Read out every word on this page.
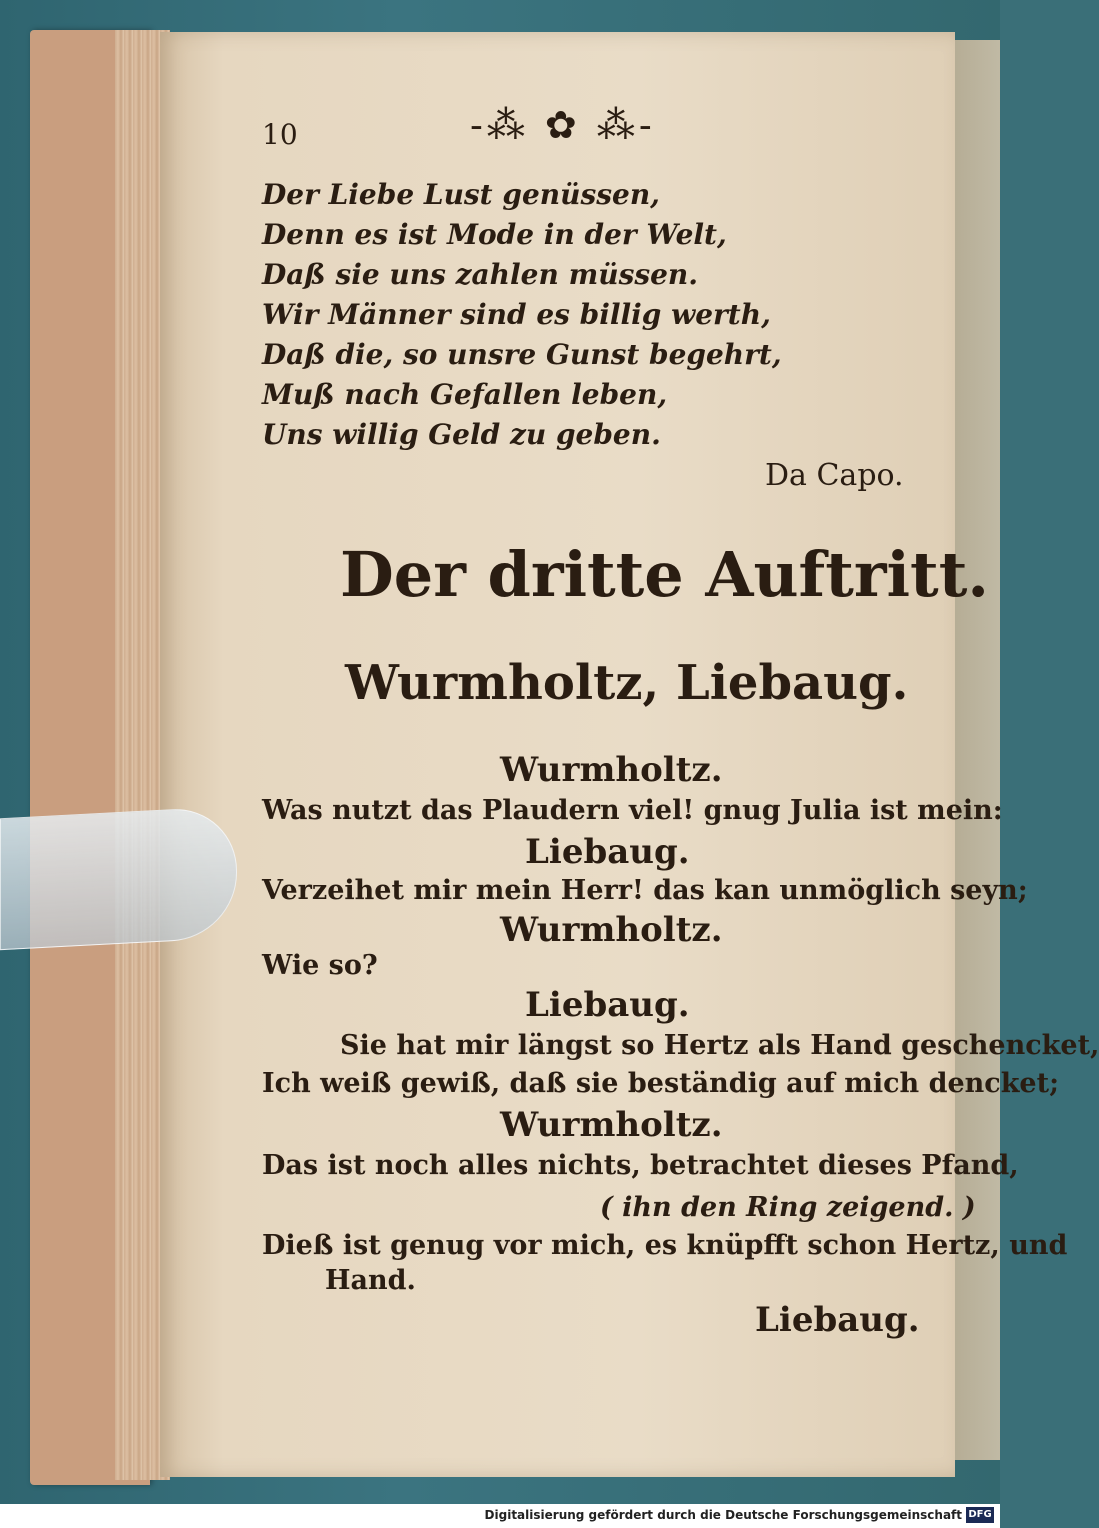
10	-⁂ ✿ ⁂-
Der Liebe Lust genüssen,
Denn es ist Mode in der Welt,
Daß sie uns zahlen müssen.
Wir Männer sind es billig werth,
Daß die, so unsre Gunst begehrt,
Muß nach Gefallen leben,
Uns willig Geld zu geben.
Da Capo.
Der dritte Auftritt.
Wurmholtz, Liebaug.
Wurmholtz.
Was nutzt das Plaudern viel! gnug Julia ist mein:
Liebaug.
Verzeihet mir mein Herr! das kan unmöglich seyn;
Wurmholtz.
Wie so?
Liebaug.
Sie hat mir längst so Hertz als Hand geschencket,
Ich weiß gewiß, daß sie beständig auf mich dencket;
Wurmholtz.
Das ist noch alles nichts, betrachtet dieses Pfand,
( ihn den Ring zeigend. )
Dieß ist genug vor mich, es knüpfft schon Hertz, und
Hand.
Liebaug.
Digitalisierung gefördert durch die Deutsche Forschungsgemeinschaft DFG
